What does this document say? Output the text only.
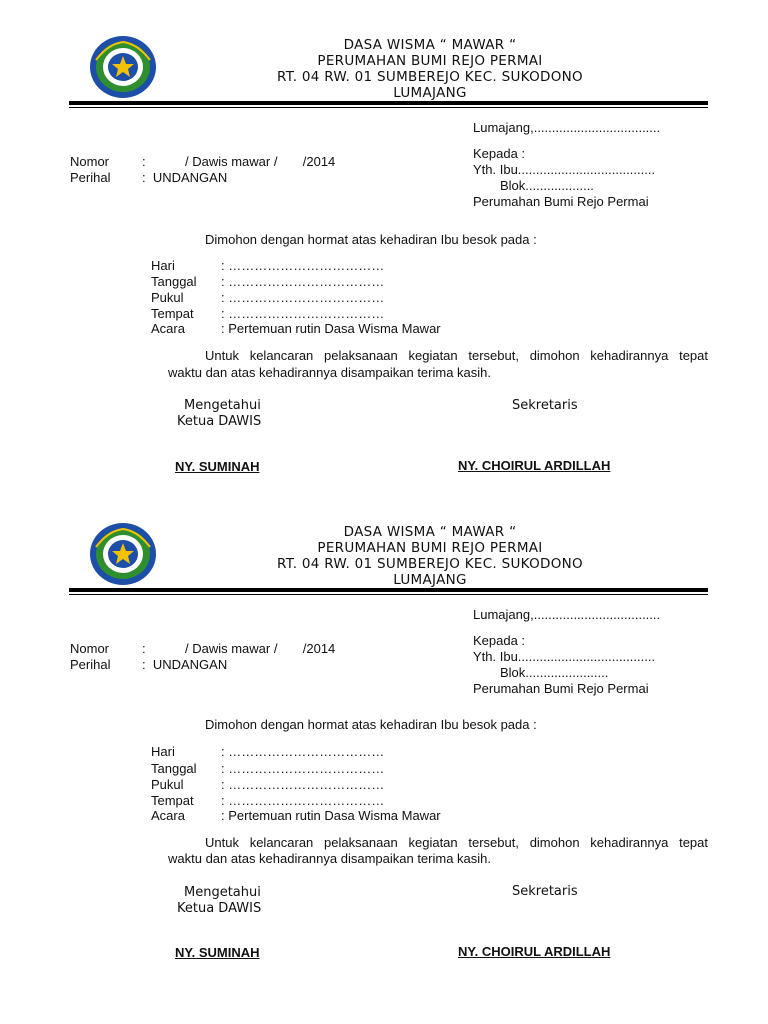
DASA WISMA “ MAWAR “
PERUMAHAN BUMI REJO PERMAI
RT. 04 RW. 01 SUMBEREJO KEC. SUKODONO
LUMAJANG
Lumajang,...................................
Nomor	:	/ Dawis mawar /       /2014
Perihal :  UNDANGAN
Kepada :
Yth. Ibu......................................
Blok...................
Perumahan Bumi Rejo Permai
Dimohon dengan hormat atas kehadiran Ibu besok pada :
Hari	: ………………………………
Tanggal : ………………………………
Pukul	: ………………………………
Tempat : ………………………………
Acara	: Pertemuan rutin Dasa Wisma Mawar
Untuk kelancaran pelaksanaan kegiatan tersebut, dimohon kehadirannya tepat
waktu dan atas kehadirannya disampaikan terima kasih.
Mengetahui
Ketua DAWIS
Sekretaris
NY. SUMINAH	NY. CHOIRUL ARDILLAH
DASA WISMA “ MAWAR “
PERUMAHAN BUMI REJO PERMAI
RT. 04 RW. 01 SUMBEREJO KEC. SUKODONO
LUMAJANG
Lumajang,...................................
Nomor	:	/ Dawis mawar /       /2014
Perihal :  UNDANGAN
Kepada :
Yth. Ibu......................................
Blok.......................
Perumahan Bumi Rejo Permai
Dimohon dengan hormat atas kehadiran Ibu besok pada :
Hari	: ………………………………
Tanggal : ………………………………
Pukul	: ………………………………
Tempat : ………………………………
Acara	: Pertemuan rutin Dasa Wisma Mawar
Untuk kelancaran pelaksanaan kegiatan tersebut, dimohon kehadirannya tepat
waktu dan atas kehadirannya disampaikan terima kasih.
Mengetahui
Ketua DAWIS
Sekretaris
NY. SUMINAH	NY. CHOIRUL ARDILLAH
